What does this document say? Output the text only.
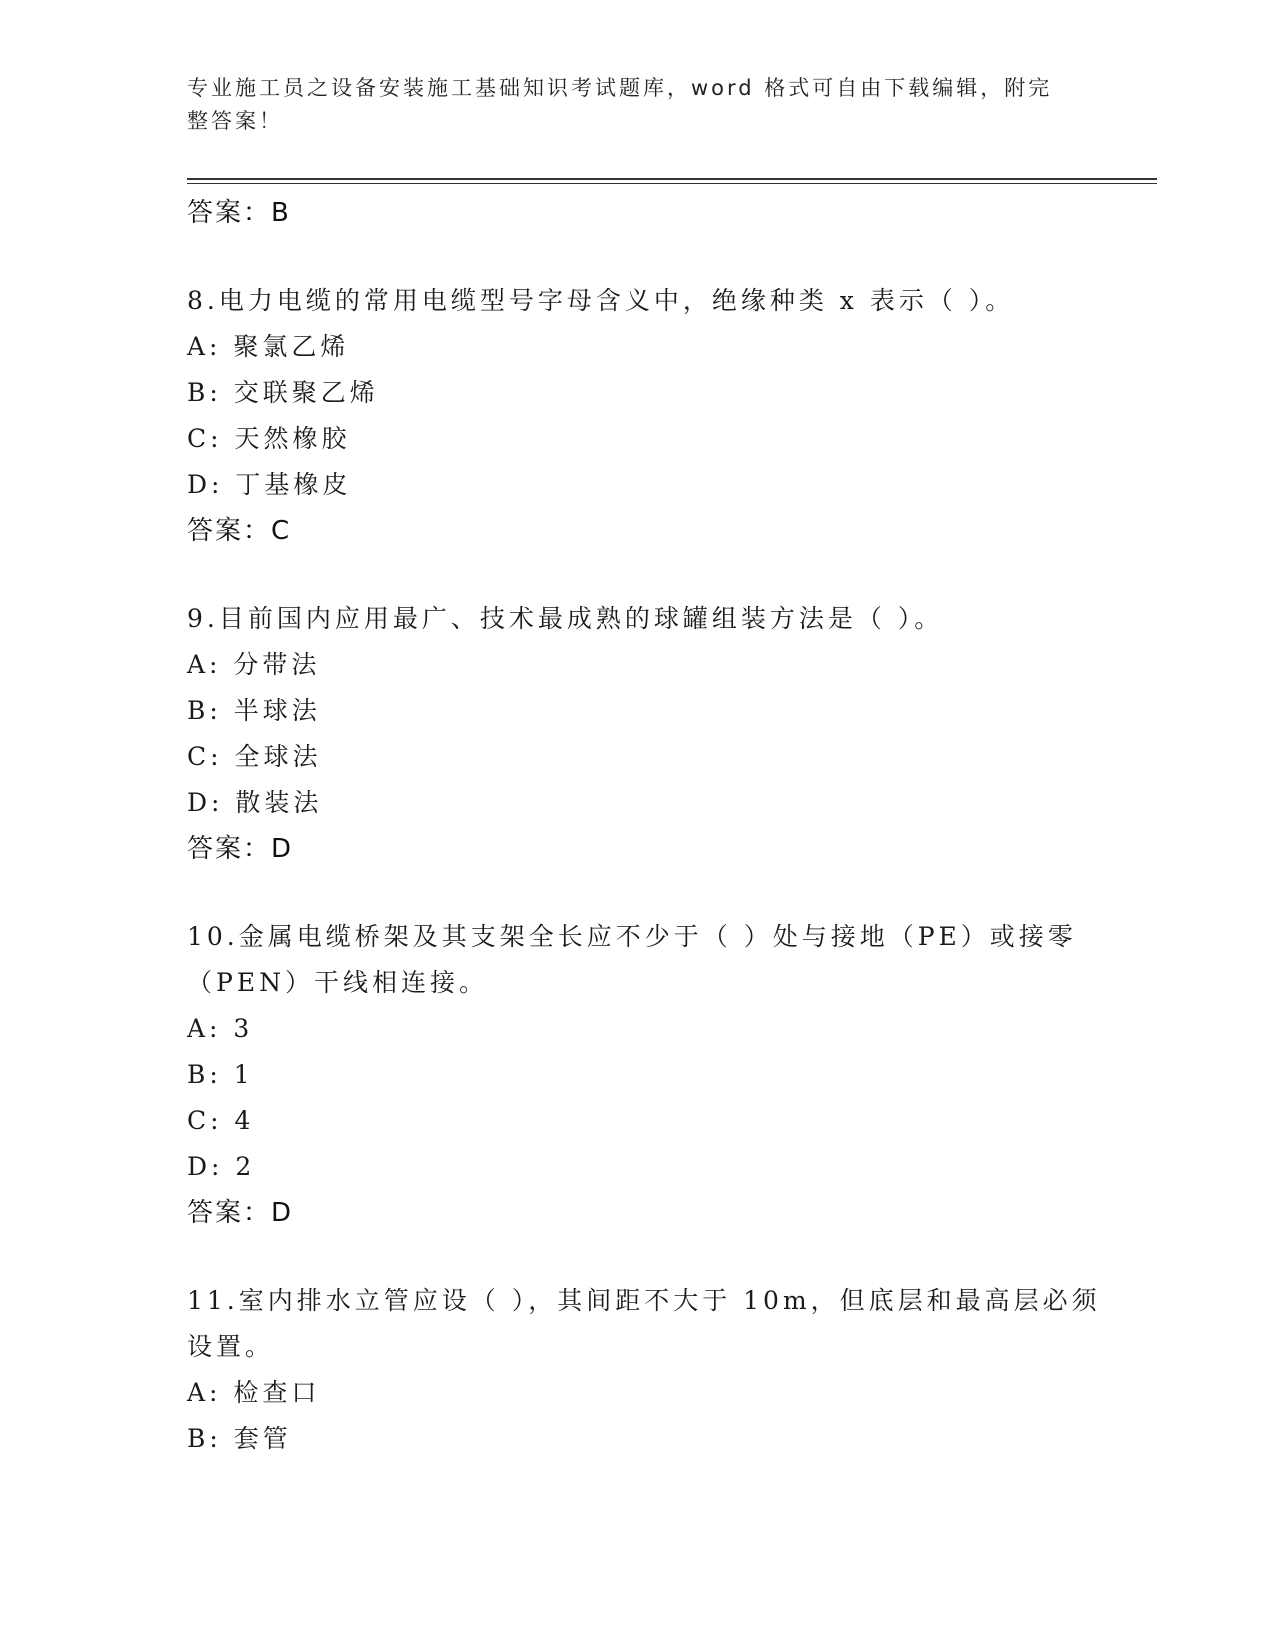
专业施工员之设备安装施工基础知识考试题库，word 格式可自由下载编辑，附完
整答案！
答案：B
8.电力电缆的常用电缆型号字母含义中，绝缘种类 x 表示（ ）。
A: 聚氯乙烯
B: 交联聚乙烯
C: 天然橡胶
D: 丁基橡皮
答案：C
9.目前国内应用最广、技术最成熟的球罐组装方法是（ ）。
A: 分带法
B: 半球法
C: 全球法
D: 散装法
答案：D
10.金属电缆桥架及其支架全长应不少于（ ）处与接地（PE）或接零
（PEN）干线相连接。
A: 3
B: 1
C: 4
D: 2
答案：D
11.室内排水立管应设（ ），其间距不大于 10m，但底层和最高层必须
设置。
A: 检查口
B: 套管
